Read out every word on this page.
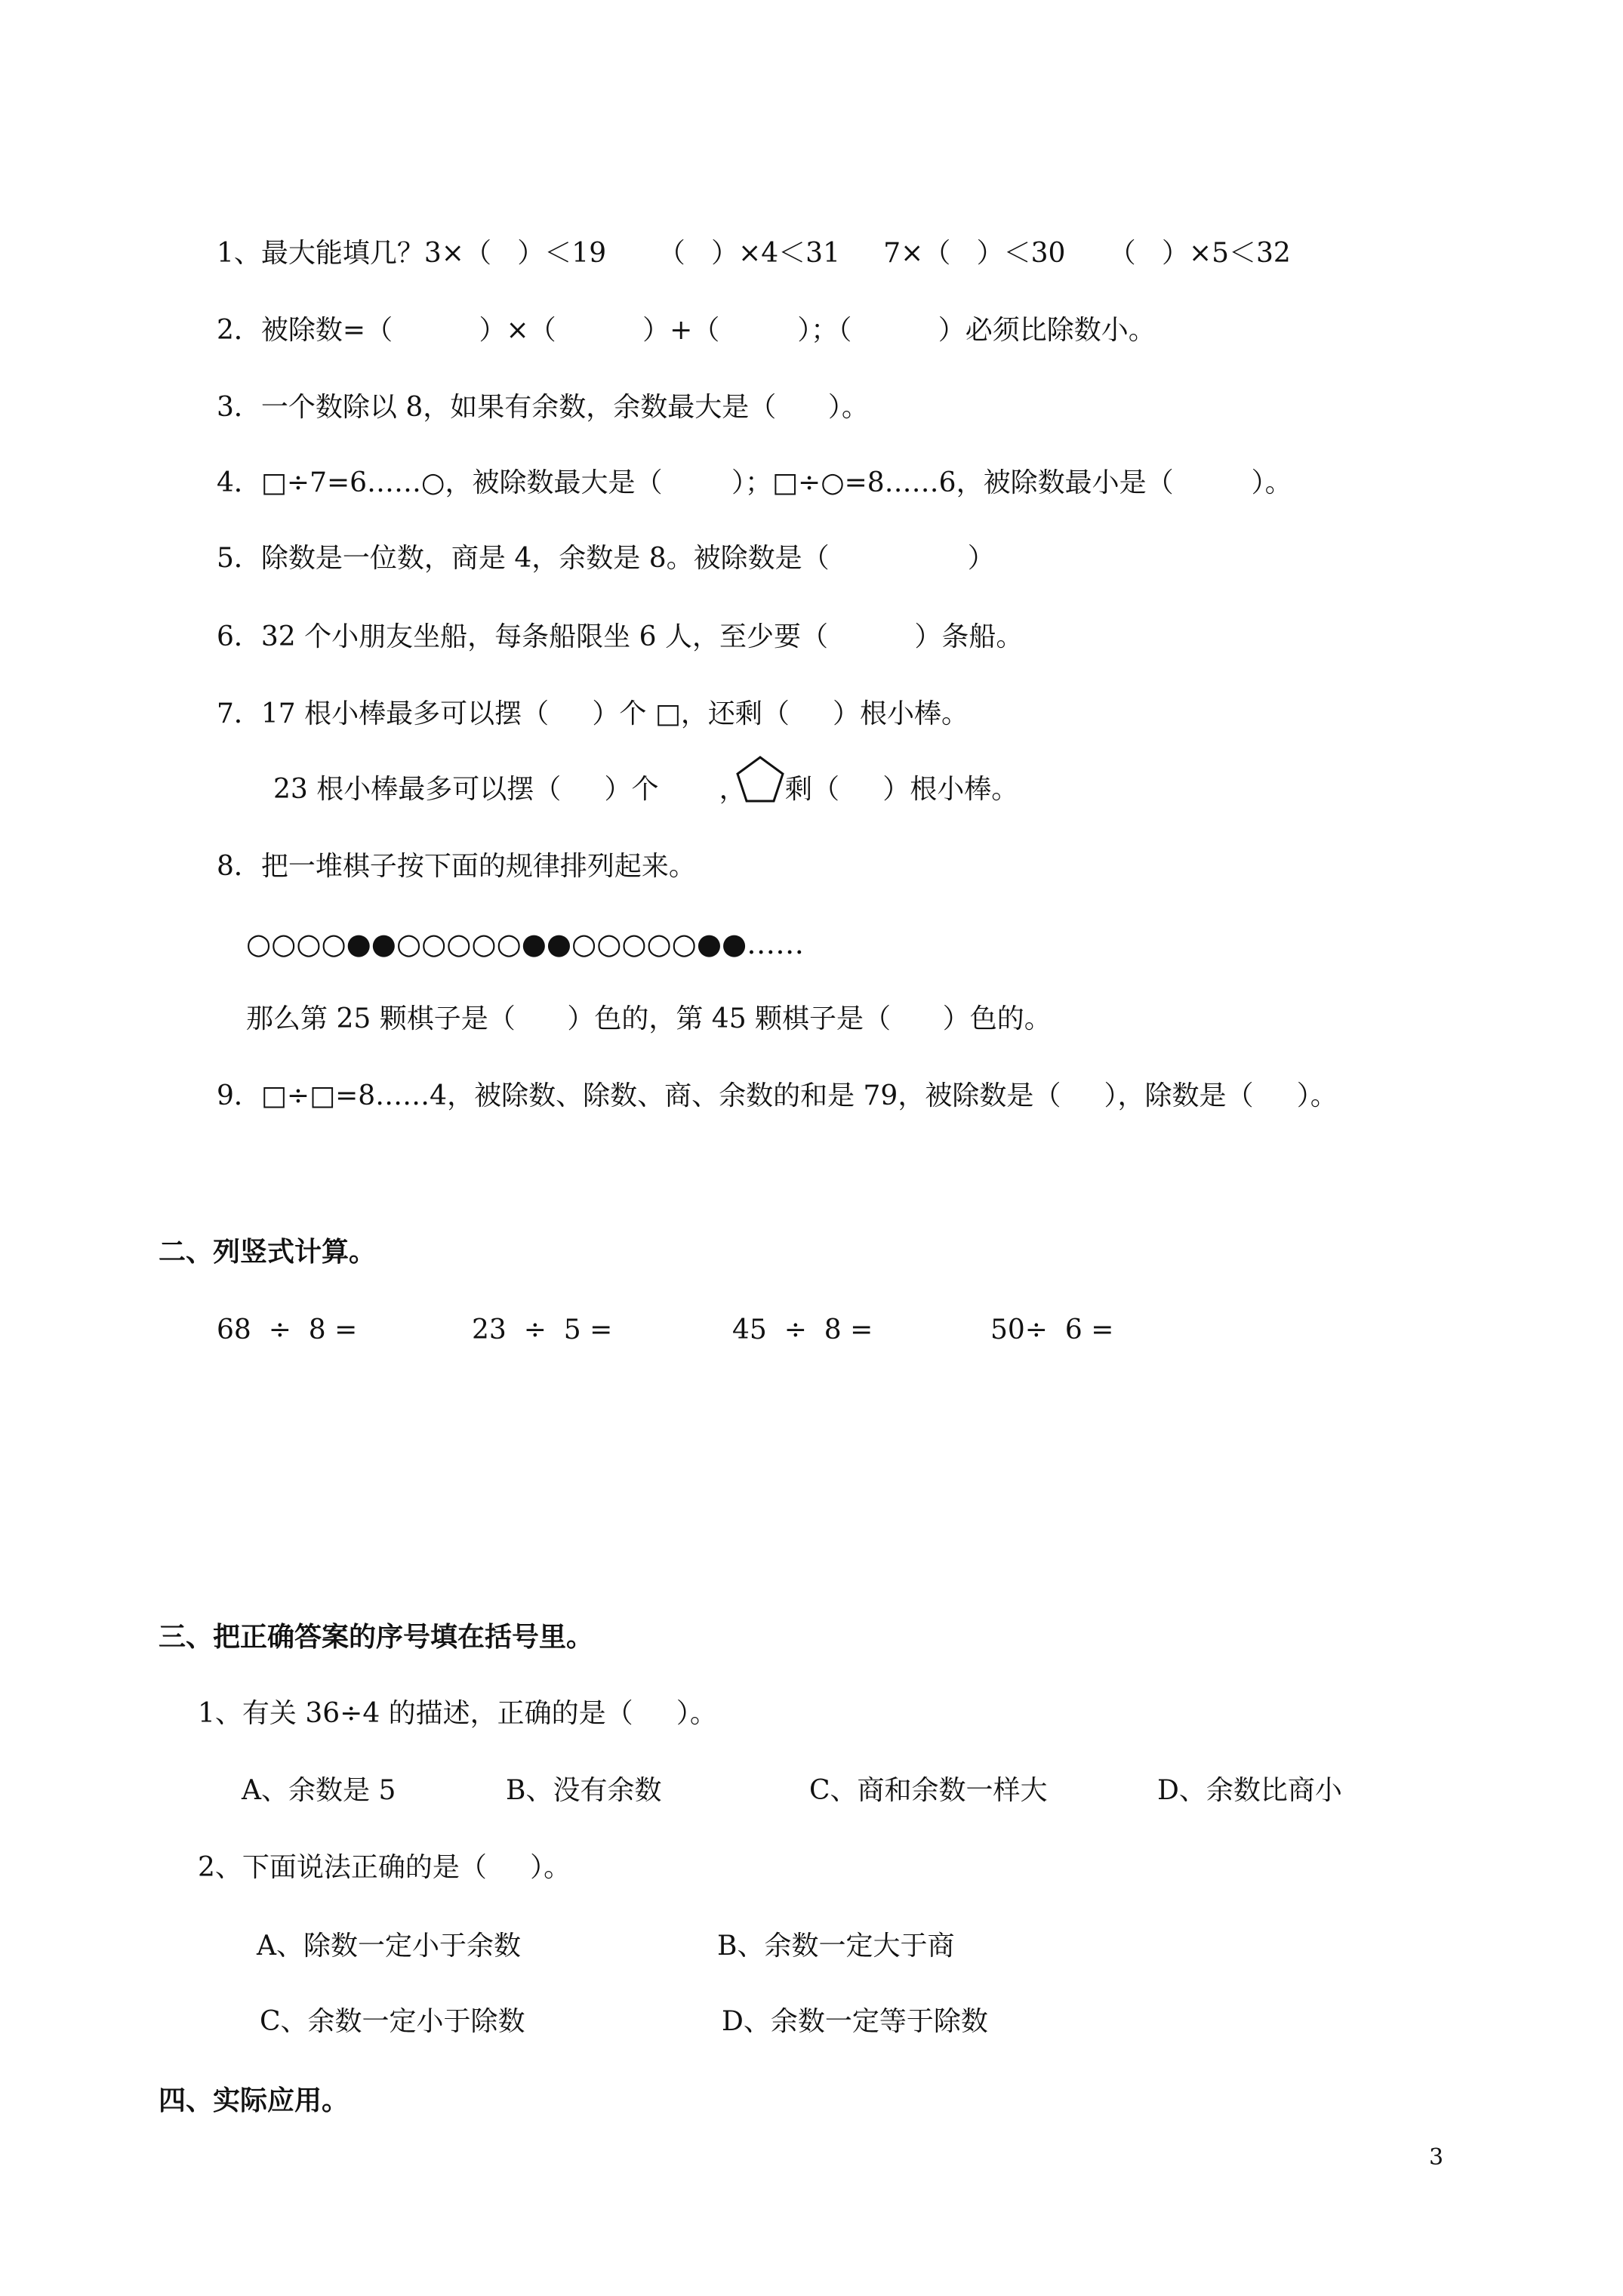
1、最大能填几？3×（   ）＜19      （   ）×4＜31     7×（   ）＜30     （   ）×5＜32
2．被除数=（          ）×（          ）+（         ）；（          ）必须比除数小。
3．一个数除以 8，如果有余数，余数最大是（      ）。
4．□÷7=6……○，被除数最大是（        ）；□÷○=8……6，被除数最小是（         ）。
5．除数是一位数，商是 4，余数是 8。被除数是（                ）
6．32 个小朋友坐船，每条船限坐 6 人，至少要（          ）条船。
7．17 根小棒最多可以摆（     ）个 □，还剩（     ）根小棒。
23 根小棒最多可以摆（     ）个       ， 剩（     ）根小棒。
8．把一堆棋子按下面的规律排列起来。
○○○○●●○○○○○●●○○○○○●●……
那么第 25 颗棋子是（      ）色的，第 45 颗棋子是（      ）色的。
9．□÷□=8……4，被除数、除数、商、余数的和是 79，被除数是（     ），除数是（     ）。
二、列竖式计算。
68  ÷  8 =	23  ÷  5 =	45  ÷  8 =	50÷  6 =
三、把正确答案的序号填在括号里。
1、有关 36÷4 的描述，正确的是（     ）。
A、余数是 5	B、没有余数	C、商和余数一样大	D、余数比商小
2、下面说法正确的是（     ）。
A、除数一定小于余数	B、余数一定大于商
C、余数一定小于除数	D、余数一定等于除数
四、实际应用。
3
